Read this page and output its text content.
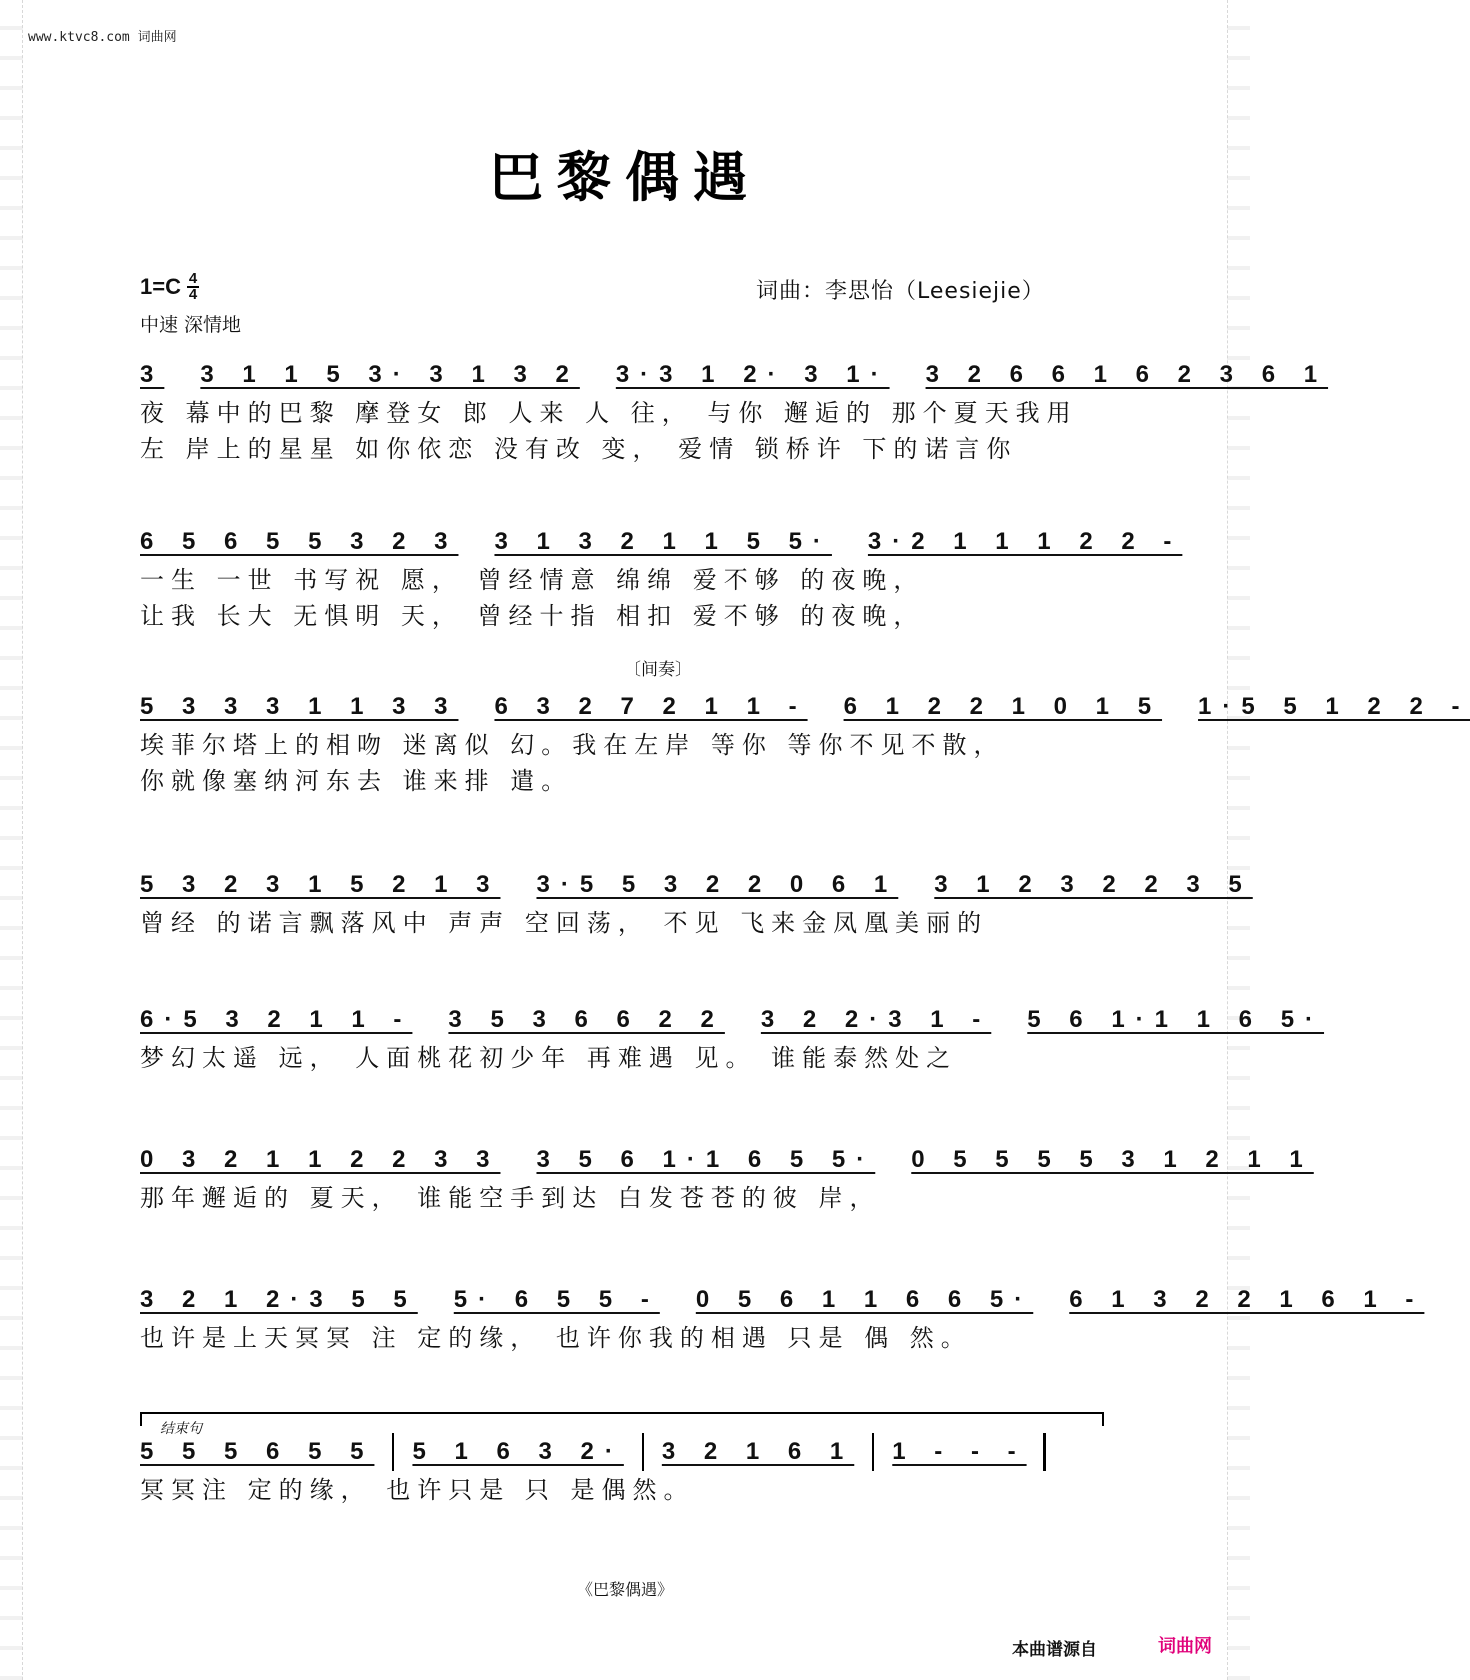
www.ktvc8.com 词曲网
巴黎偶遇
1=C 4
4
中速 深情地
词曲：李思怡（Leesiejie）
〔间奏〕
结束句
3 3 1 1 5 3· 3 1 3 2 3·3 1 2· 3 1· 3 2 6 6 1 6 2 3 6 1
夜 幕中的巴黎 摩登女 郎 人来 人 往， 与你 邂逅的 那个夏天我用
左 岸上的星星 如你依恋 没有改 变， 爱情 锁桥许 下的诺言你
6 5 6 5 5 3 2 3 3 1 3 2 1 1 5 5· 3·2 1 1 1 2 2 -
一生 一世 书写祝 愿， 曾经情意 绵绵 爱不够 的夜晚，
让我 长大 无惧明 天， 曾经十指 相扣 爱不够 的夜晚，
5 3 3 3 1 1 3 3 6 3 2 7 2 1 1 - 6 1 2 2 1 0 1 5 1·5 5 1 2 2 -
埃菲尔塔上的相吻 迷离似 幻。我在左岸 等你 等你不见不散，
你就像塞纳河东去 谁来排 遣。
5 3 2 3 1 5 2 1 3 3·5 5 3 2 2 0 6 1 3 1 2 3 2 2 3 5
曾经 的诺言飘落风中 声声 空回荡， 不见 飞来金凤凰美丽的
6·5 3 2 1 1 - 3 5 3 6 6 2 2 3 2 2·3 1 - 5 6 1·1 1 6 5·
梦幻太遥 远， 人面桃花初少年 再难遇 见。 谁能泰然处之
0 3 2 1 1 2 2 3 3 3 5 6 1·1 6 5 5· 0 5 5 5 5 3 1 2 1 1
那年邂逅的 夏天， 谁能空手到达 白发苍苍的彼 岸，
3 2 1 2·3 5 5 5· 6 5 5 - 0 5 6 1 1 6 6 5· 6 1 3 2 2 1 6 1 -
也许是上天冥冥 注 定的缘， 也许你我的相遇 只是 偶 然。
5 5 5 6 5 5 5 1 6 3 2· 3 2 1 6 1 1 - - -
冥冥注 定的缘， 也许只是 只 是偶然。
《巴黎偶遇》
本曲谱源自	词曲网
